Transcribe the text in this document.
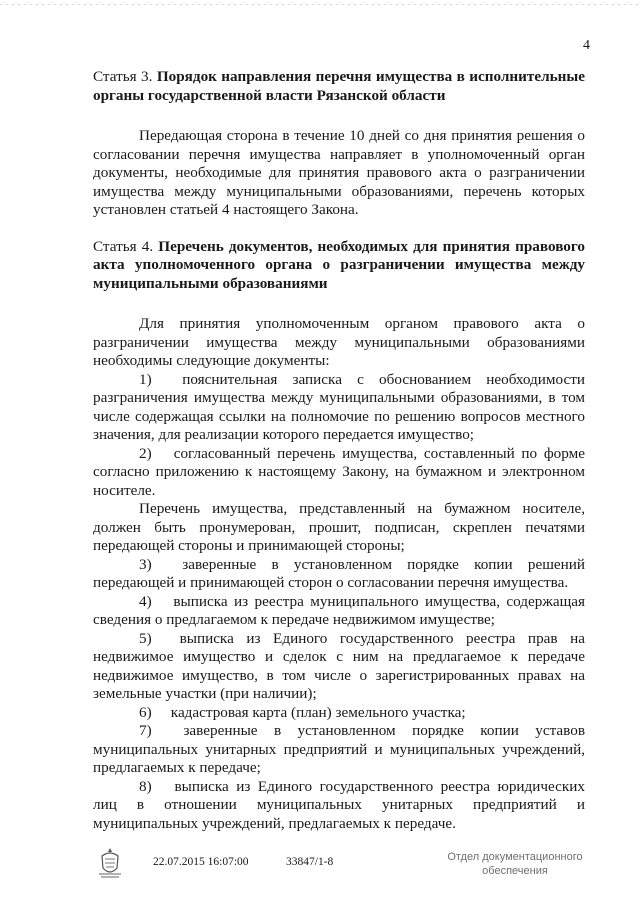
4
Статья 3. Порядок направления перечня имущества в исполнительные органы государственной власти Рязанской области

Передающая сторона в течение 10 дней со дня принятия решения о согласовании перечня имущества направляет в уполномоченный орган документы, необходимые для принятия правового акта о разграничении имущества между муниципальными образованиями, перечень которых установлен статьей 4 настоящего Закона.

Статья 4. Перечень документов, необходимых для принятия правового акта уполномоченного органа о разграничении имущества между муниципальными образованиями

Для принятия уполномоченным органом правового акта о разграничении имущества между муниципальными образованиями необходимы следующие документы:

1) пояснительная записка с обоснованием необходимости разграничения имущества между муниципальными образованиями, в том числе содержащая ссылки на полномочие по решению вопросов местного значения, для реализации которого передается имущество;

2) согласованный перечень имущества, составленный по форме согласно приложению к настоящему Закону, на бумажном и электронном носителе.

Перечень имущества, представленный на бумажном носителе, должен быть пронумерован, прошит, подписан, скреплен печатями передающей стороны и принимающей стороны;

3) заверенные в установленном порядке копии решений передающей и принимающей сторон о согласовании перечня имущества.

4) выписка из реестра муниципального имущества, содержащая сведения о предлагаемом к передаче недвижимом имуществе;

5) выписка из Единого государственного реестра прав на недвижимое имущество и сделок с ним на предлагаемое к передаче недвижимое имущество, в том числе о зарегистрированных правах на земельные участки (при наличии);

6) кадастровая карта (план) земельного участка;

7) заверенные в установленном порядке копии уставов муниципальных унитарных предприятий и муниципальных учреждений, предлагаемых к передаче;

8) выписка из Единого государственного реестра юридических лиц в отношении муниципальных унитарных предприятий и муниципальных учреждений, предлагаемых к передаче.

22.07.2015 16:07:00	33847/1-8	Отдел документационного
обеспечения
